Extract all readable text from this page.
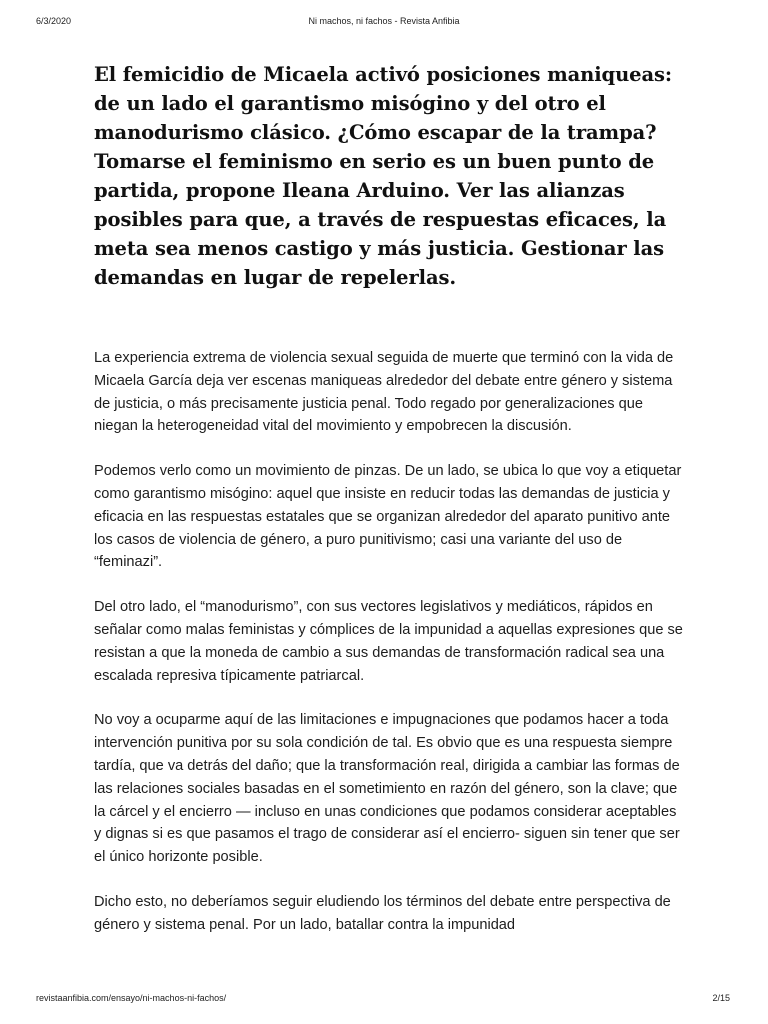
6/3/2020	Ni machos, ni fachos - Revista Anfibia
El femicidio de Micaela activó posiciones maniqueas: de un lado el garantismo misógino y del otro el manodurismo clásico. ¿Cómo escapar de la trampa? Tomarse el feminismo en serio es un buen punto de partida, propone Ileana Arduino. Ver las alianzas posibles para que, a través de respuestas eficaces, la meta sea menos castigo y más justicia. Gestionar las demandas en lugar de repelerlas.

La experiencia extrema de violencia sexual seguida de muerte que terminó con la vida de Micaela García deja ver escenas maniqueas alrededor del debate entre género y sistema de justicia, o más precisamente justicia penal. Todo regado por generalizaciones que niegan la heterogeneidad vital del movimiento y empobrecen la discusión.

Podemos verlo como un movimiento de pinzas. De un lado, se ubica lo que voy a etiquetar como garantismo misógino: aquel que insiste en reducir todas las demandas de justicia y eficacia en las respuestas estatales que se organizan alrededor del aparato punitivo ante los casos de violencia de género, a puro punitivismo; casi una variante del uso de “feminazi”.

Del otro lado, el “manodurismo”, con sus vectores legislativos y mediáticos, rápidos en señalar como malas feministas y cómplices de la impunidad a aquellas expresiones que se resistan a que la moneda de cambio a sus demandas de transformación radical sea una escalada represiva típicamente patriarcal.

No voy a ocuparme aquí de las limitaciones e impugnaciones que podamos hacer a toda intervención punitiva por su sola condición de tal. Es obvio que es una respuesta siempre tardía, que va detrás del daño; que la transformación real, dirigida a cambiar las formas de las relaciones sociales basadas en el sometimiento en razón del género, son la clave; que la cárcel y el encierro — incluso en unas condiciones que podamos considerar aceptables y dignas si es que pasamos el trago de considerar así el encierro- siguen sin tener que ser el único horizonte posible.

Dicho esto, no deberíamos seguir eludiendo los términos del debate entre perspectiva de género y sistema penal. Por un lado, batallar contra la impunidad

revistaanfibia.com/ensayo/ni-machos-ni-fachos/	2/15
